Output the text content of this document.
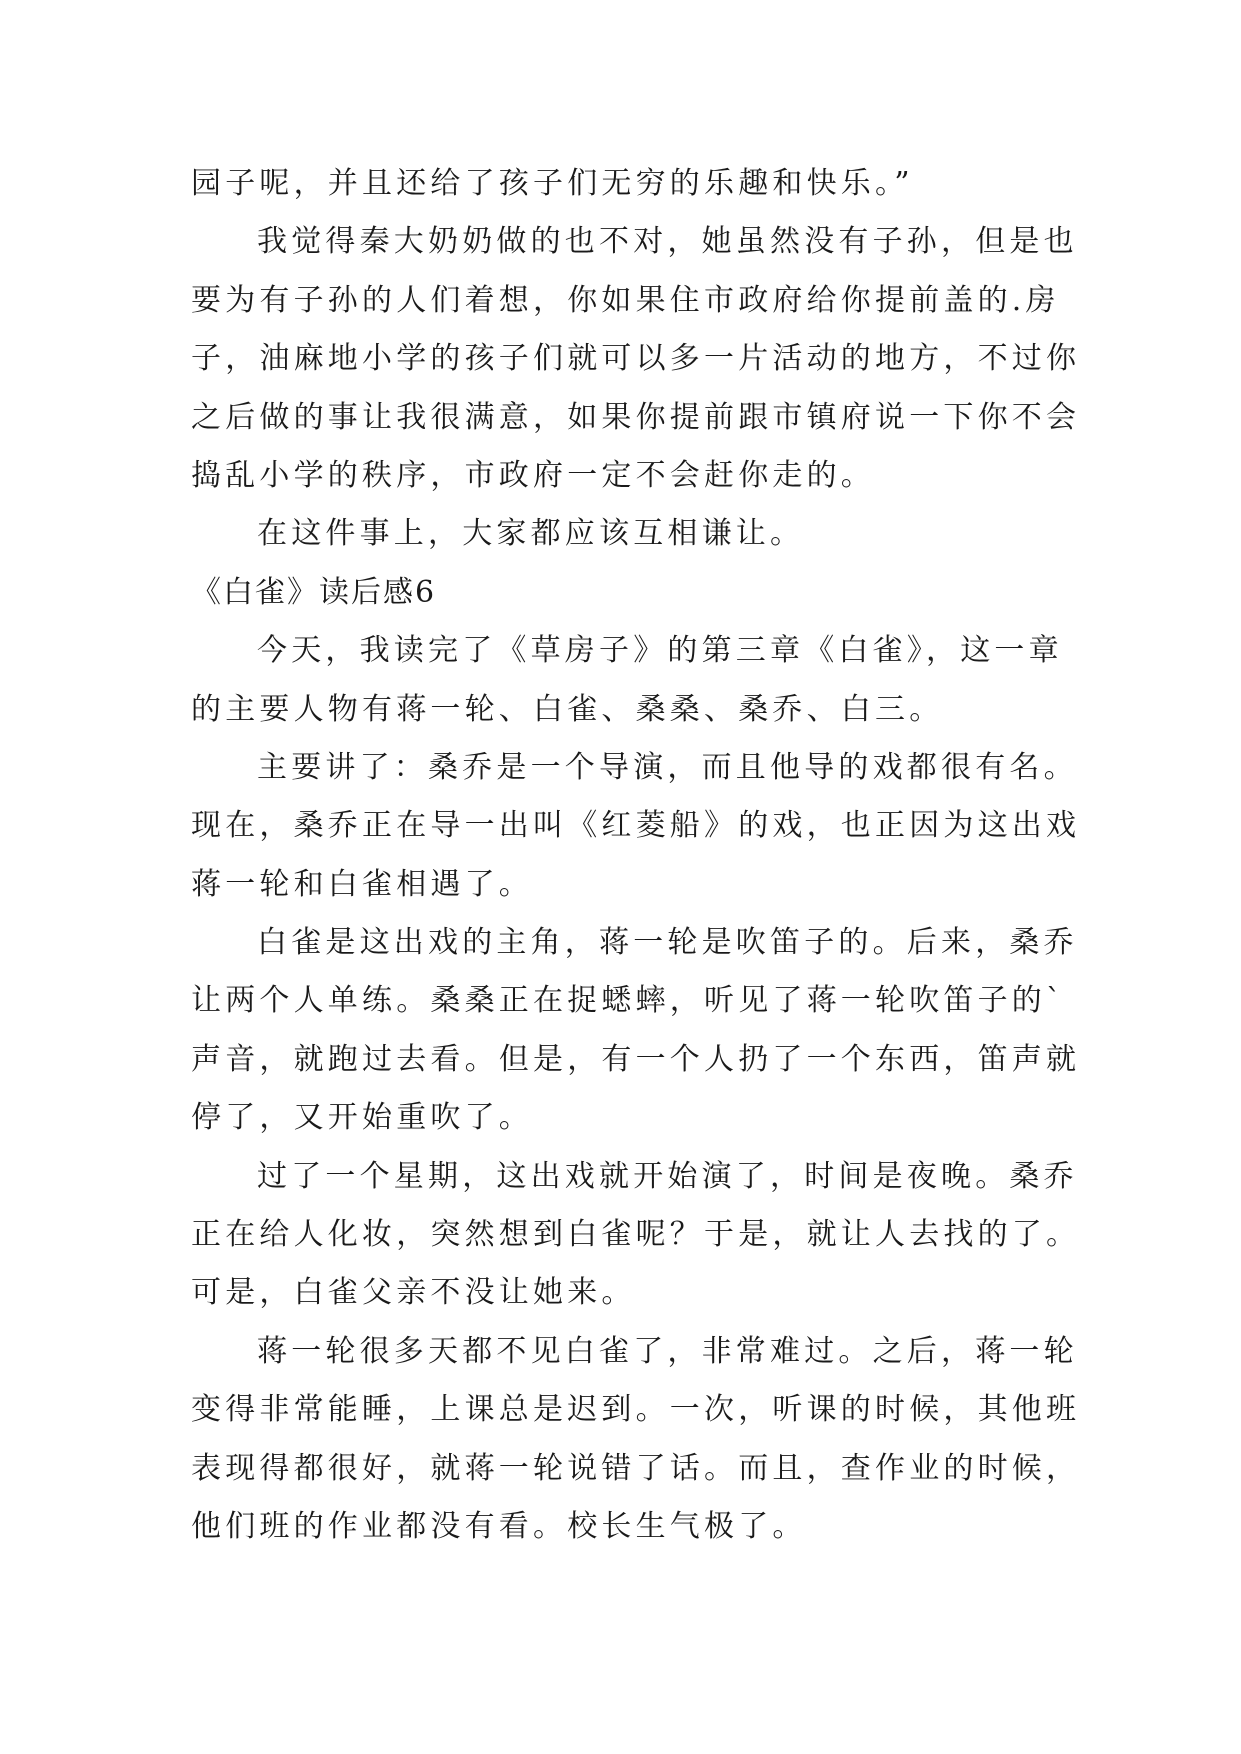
园子呢，并且还给了孩子们无穷的乐趣和快乐。”
我觉得秦大奶奶做的也不对，她虽然没有子孙，但是也
要为有子孙的人们着想，你如果住市政府给你提前盖的.房
子，油麻地小学的孩子们就可以多一片活动的地方，不过你
之后做的事让我很满意，如果你提前跟市镇府说一下你不会
捣乱小学的秩序，市政府一定不会赶你走的。
在这件事上，大家都应该互相谦让。
《白雀》读后感6
今天，我读完了《草房子》的第三章《白雀》，这一章
的主要人物有蒋一轮、白雀、桑桑、桑乔、白三。
主要讲了：桑乔是一个导演，而且他导的戏都很有名。
现在，桑乔正在导一出叫《红菱船》的戏，也正因为这出戏
蒋一轮和白雀相遇了。
白雀是这出戏的主角，蒋一轮是吹笛子的。后来，桑乔
让两个人单练。桑桑正在捉蟋蟀，听见了蒋一轮吹笛子的`
声音，就跑过去看。但是，有一个人扔了一个东西，笛声就
停了，又开始重吹了。
过了一个星期，这出戏就开始演了，时间是夜晚。桑乔
正在给人化妆，突然想到白雀呢？于是，就让人去找的了。
可是，白雀父亲不没让她来。
蒋一轮很多天都不见白雀了，非常难过。之后，蒋一轮
变得非常能睡，上课总是迟到。一次，听课的时候，其他班
表现得都很好，就蒋一轮说错了话。而且，查作业的时候，
他们班的作业都没有看。校长生气极了。
